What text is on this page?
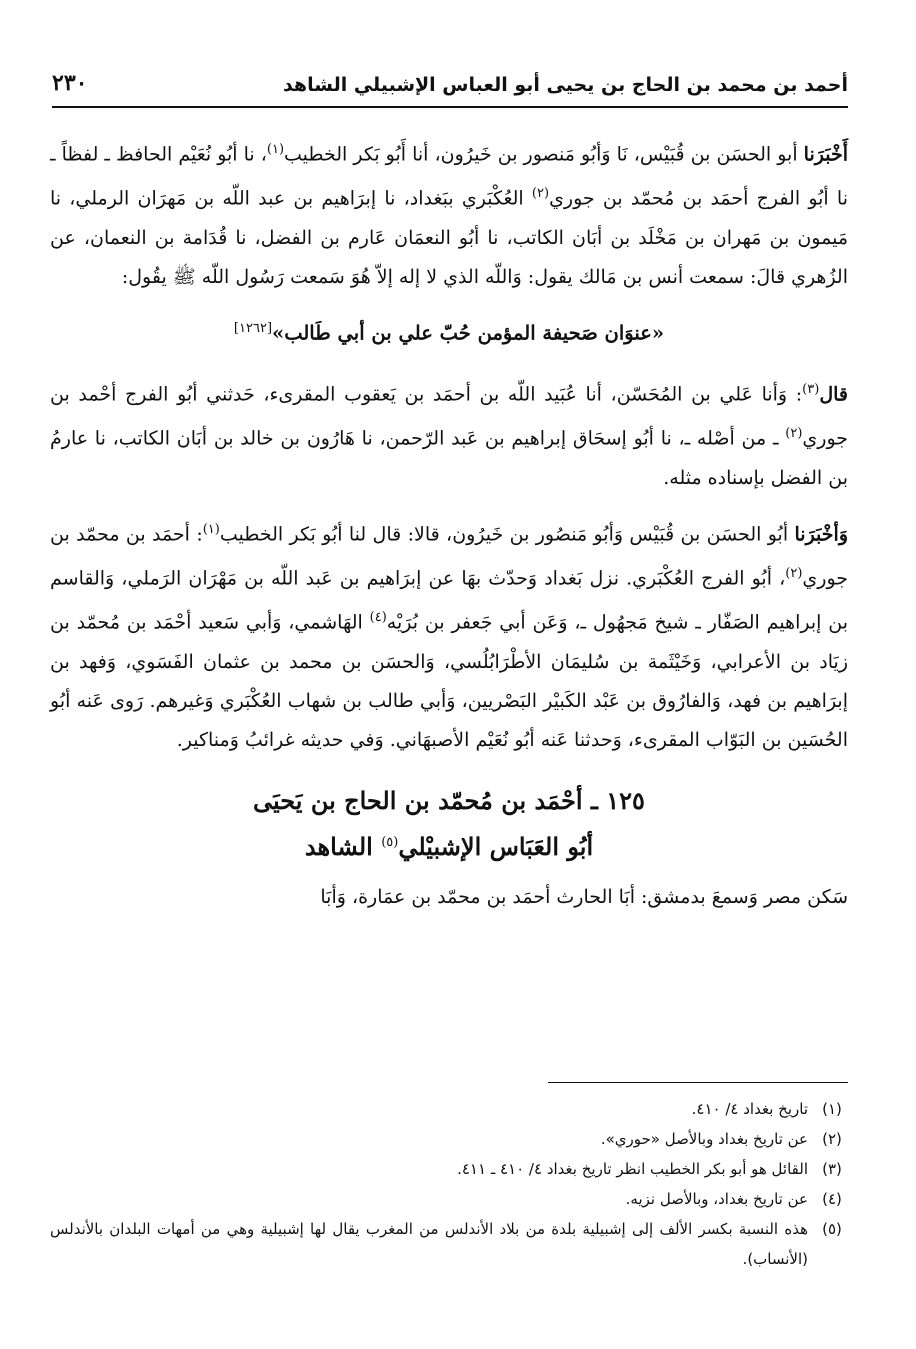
أحمد بن محمد بن الحاج بن يحيى أبو العباس الإشبيلي الشاهد
٢٣٠

أَخْبَرَنا أبو الحسَن بن قُبَيْس، نَا وَأبُو مَنصور بن خَيرُون، أنا أَبُو بَكر الخطيب$^{(١)}$، نا أبُو نُعَيْم الحافظ ـ لفظاً ـ نا أبُو الفرج أحمَد بن مُحمّد بن جوري$^{(٢)}$ العُكْبَري ببَغداد، نا إبرَاهيم بن عبد اللّه بن مَهرَان الرملي، نا مَيمون بن مَهران بن مَخْلَد بن أبَان الكاتب، نا أبُو النعمَان عَارم بن الفضل، نا قُدَامة بن النعمان، عن الزُهري قالَ: سمعت أنس بن مَالك يقول: وَاللّه الذي لا إله إلاّ هُوَ سَمعت رَسُول اللّه ﷺ يقُول:

«عنوَان صَحيفة المؤمن حُبّ علي بن أبي طَالب»[١٢٦٢]

قال$^{(٣)}$: وَأنا عَلي بن المُحَسّن، أنا عُبَيد اللّه بن أحمَد بن يَعقوب المقرىء، حَدثني أبُو الفرج أحْمد بن جوري$^{(٢)}$ ـ من أصْله ـ، نا أبُو إسحَاق إبراهيم بن عَبد الرّحمن، نا هَارُون بن خالد بن أبَان الكاتب، نا عارمُ بن الفضل بإسناده مثله.

وَأخْبَرَنا أبُو الحسَن بن قُبَيْس وَأبُو مَنصُور بن خَيرُون، قالا: قال لنا أبُو بَكر الخطيب$^{(١)}$: أحمَد بن محمّد بن جوري$^{(٢)}$، أبُو الفرج العُكْبَري. نزل بَغداد وَحدّث بهَا عن إبرَاهيم بن عَبد اللّه بن مَهْرَان الرَملي، وَالقاسم بن إبراهيم الصَفّار ـ شيخ مَجهُول ـ، وَعَن أبي جَعفر بن بُرَيْه$^{(٤)}$ الهَاشمي، وَأبي سَعيد أحْمَد بن مُحمّد بن زيَاد بن الأعرابي، وَخَيْثَمة بن سُليمَان الأطْرَابُلُسي، وَالحسَن بن محمد بن عثمان الفَسَوي، وَفهد بن إبرَاهيم بن فهد، وَالفارُوق بن عَبْد الكَبيْر البَصْريين، وَأبي طالب بن شهاب العُكْبَري وَغيرهم. رَوى عَنه أبُو الحُسَين بن البَوّاب المقرىء، وَحدثنا عَنه أبُو نُعَيْم الأصبهَاني. وَفي حديثه غرائبُ وَمناكير.

١٢٥ ـ أحْمَد بن مُحمّد بن الحاج بن يَحيَى
أبُو العَبَاس الإشبيْلي$^{(٥)}$ الشاهد

سَكن مصر وَسمعَ بدمشق: أبَا الحارث أحمَد بن محمّد بن عمَارة، وَأبَا

(١)
تاريخ بغداد ٤/ ٤١٠.
(٢)
عن تاريخ بغداد وبالأصل «حوري».
(٣)
القائل هو أبو بكر الخطيب انظر تاريخ بغداد ٤/ ٤١٠ ـ ٤١١.
(٤)
عن تاريخ بغداد، وبالأصل نزيه.
(٥)
هذه النسبة بكسر الألف إلى إشبيلية بلدة من بلاد الأندلس من المغرب يقال لها إشبيلية وهي من أمهات البلدان بالأندلس (الأنساب).
